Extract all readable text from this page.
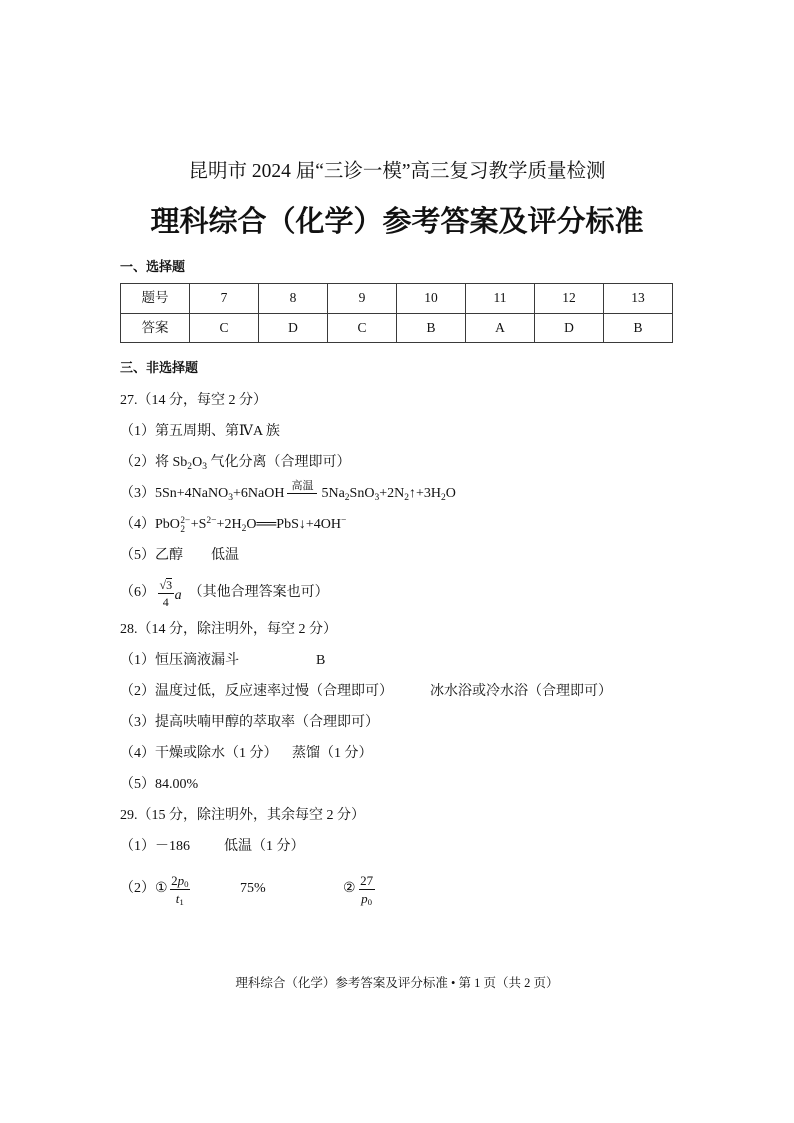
昆明市 2024 届“三诊一模”高三复习教学质量检测
理科综合（化学）参考答案及评分标准
一、选择题
题号	7	8	9	10	11	12	13
答案	C	D	C	B	A	D	B
三、非选择题
27.（14 分，每空 2 分）
（1） 第五周期、第ⅣA 族
（2） 将 $Sb_2O_3$ 气化分离（合理即可）
（3） 5Sn+4NaNO$_3$+6NaOH
高温
$5Na_2SnO_3+2N_2↑+3H_2O$
（4） PbO 2−
$2 +S^{2-}+2H_2O══PbS↓+4OH^-$
（5） 乙醇 低温
$(6) \frac{√3}{4}$ a （其他合理答案也可）
28.（14 分，除注明外，每空 2 分）
（1） 恒压滴液漏斗	B
（2） 温度过低，反应速率过慢（合理即可）	冰水浴或冷水浴（合理即可）
（3） 提高呋喃甲醇的萃取率（合理即可）
（4） 干燥或除水（1 分） 蒸馏（1 分）
（5） 84.00%
29.（15 分，除注明外，其余每空 2 分）
（1） －186 低温（1 分）
（2） ① $\frac{2p_0}{t_1}$	75%	② $\frac{27}{p_0}$
理科综合（化学）参考答案及评分标准 • 第 1 页（共 2 页）
